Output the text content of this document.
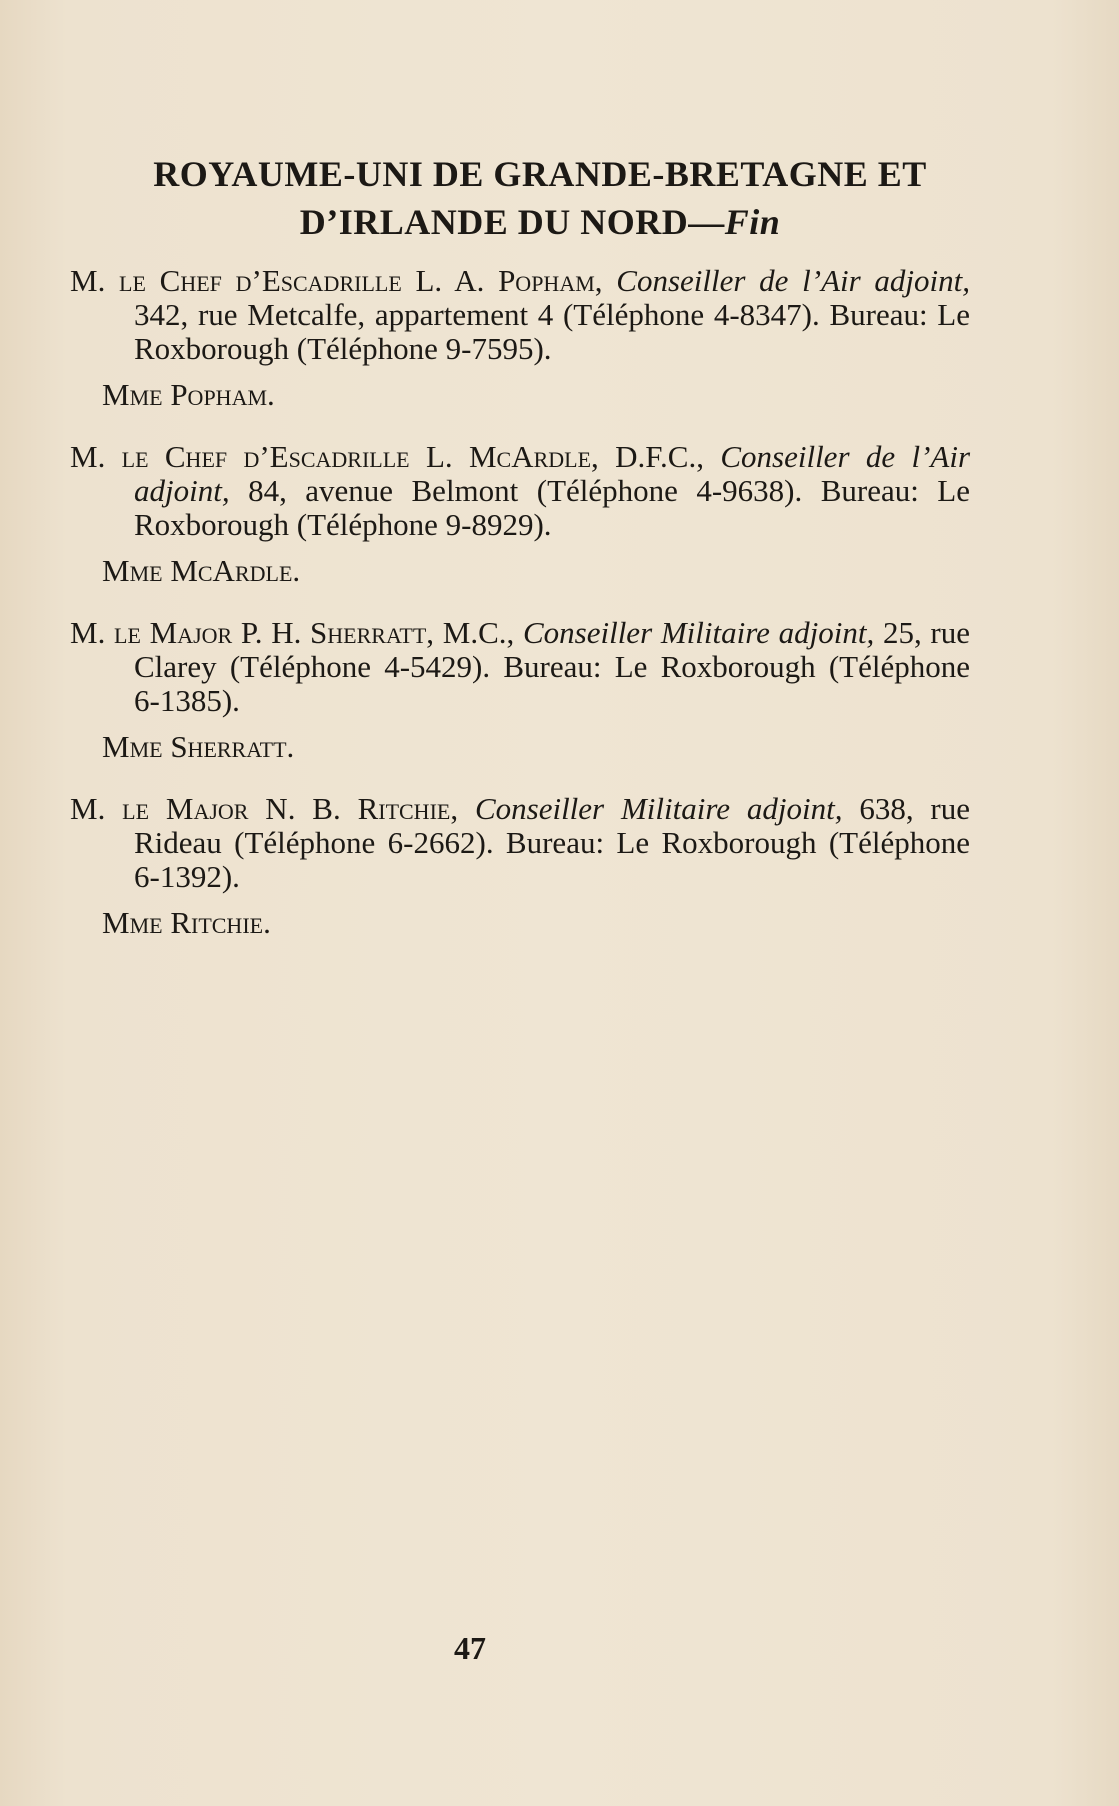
ROYAUME-UNI DE GRANDE-BRETAGNE ET
D’IRLANDE DU NORD—Fin

M. le Chef d’Escadrille L. A. Popham, Conseiller de l’Air adjoint, 342, rue Metcalfe, appartement 4 (Téléphone 4-8347). Bureau: Le Roxborough (Téléphone 9-7595).

Mme Popham.

M. le Chef d’Escadrille L. McArdle, D.F.C., Conseiller de l’Air adjoint, 84, avenue Belmont (Téléphone 4-9638). Bureau: Le Roxborough (Téléphone 9-8929).

Mme McArdle.

M. le Major P. H. Sherratt, M.C., Conseiller Militaire adjoint, 25, rue Clarey (Téléphone 4-5429). Bureau: Le Roxborough (Téléphone 6-1385).

Mme Sherratt.

M. le Major N. B. Ritchie, Conseiller Militaire adjoint, 638, rue Rideau (Téléphone 6-2662). Bureau: Le Roxborough (Téléphone 6-1392).

Mme Ritchie.
47
